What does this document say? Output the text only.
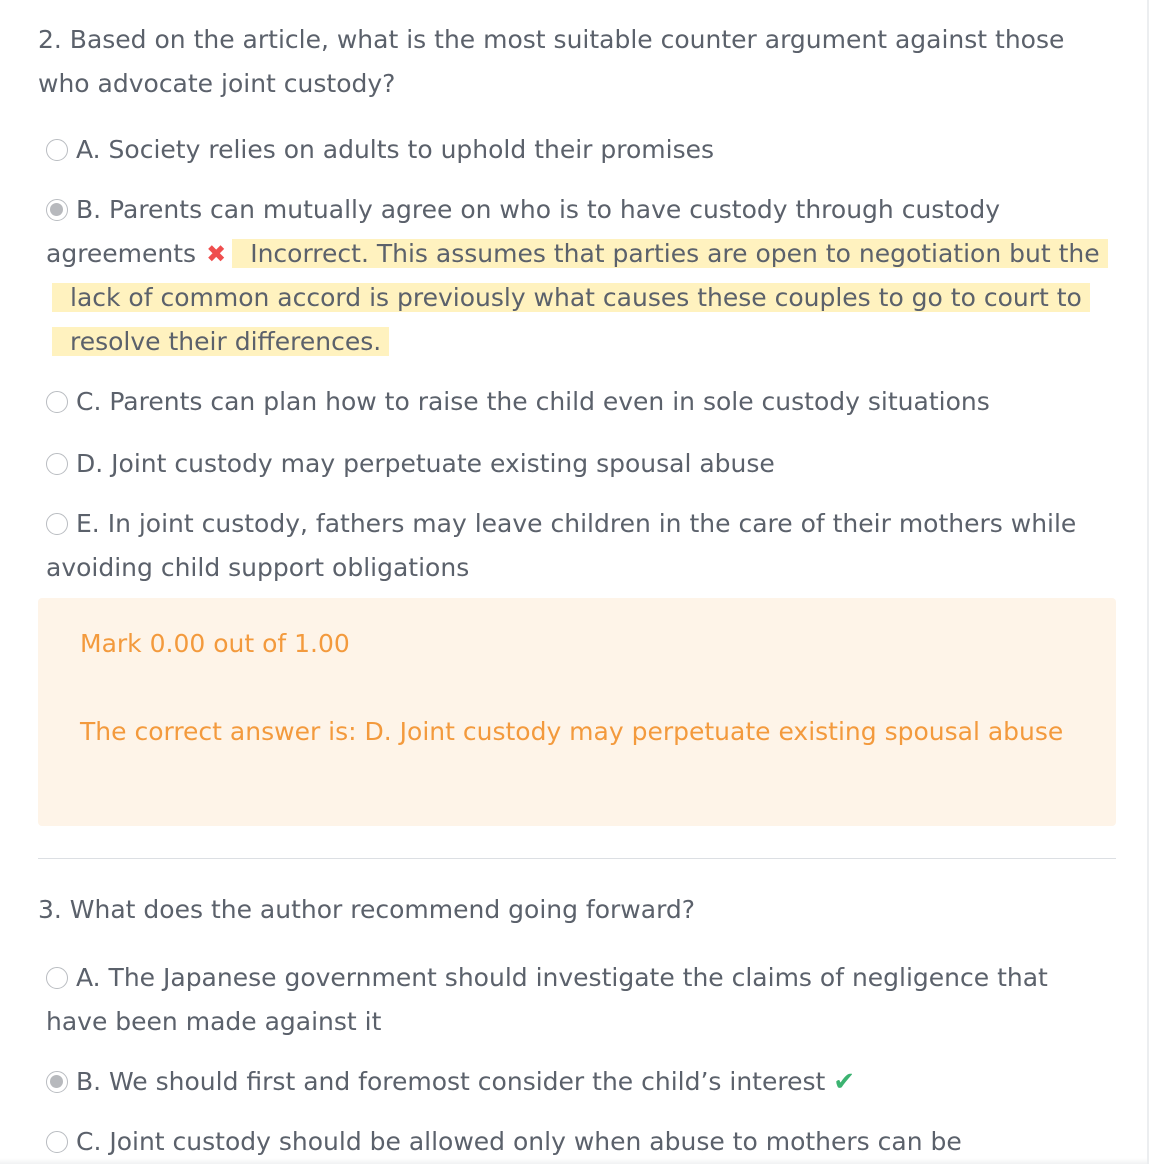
2. Based on the article, what is the most suitable counter argument against those who advocate joint custody?
A. Society relies on adults to uphold their promises
B. Parents can mutually agree on who is to have custody through custody agreements ✖ Incorrect. This assumes that parties are open to negotiation but the lack of common accord is previously what causes these couples to go to court to resolve their differences.
C. Parents can plan how to raise the child even in sole custody situations
D. Joint custody may perpetuate existing spousal abuse
E. In joint custody, fathers may leave children in the care of their mothers while avoiding child support obligations
Mark 0.00 out of 1.00
The correct answer is: D. Joint custody may perpetuate existing spousal abuse
3. What does the author recommend going forward?
A. The Japanese government should investigate the claims of negligence that have been made against it
B. We should first and foremost consider the child’s interest ✔
C. Joint custody should be allowed only when abuse to mothers can be
